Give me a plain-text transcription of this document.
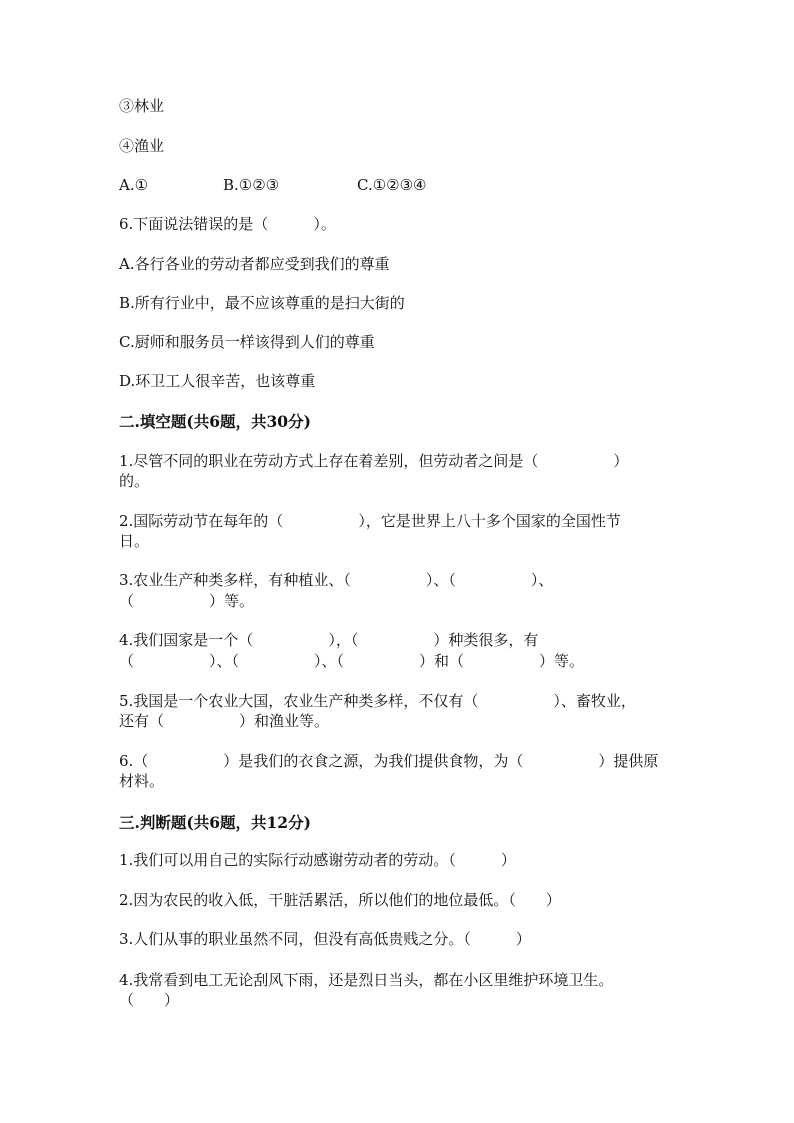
③林业
④渔业
A.①	B.①②③	C.①②③④
6.下面说法错误的是（　　　）。
A.各行各业的劳动者都应受到我们的尊重
B.所有行业中，最不应该尊重的是扫大街的
C.厨师和服务员一样该得到人们的尊重
D.环卫工人很辛苦，也该尊重
二.填空题(共6题，共30分)
1.尽管不同的职业在劳动方式上存在着差别，但劳动者之间是（　　　　　）
的。
2.国际劳动节在每年的（　　　　　），它是世界上八十多个国家的全国性节
日。
3.农业生产种类多样，有种植业、（　　　　　）、（　　　　　）、
（　　　　　）等。
4.我们国家是一个（　　　　　），（　　　　　）种类很多，有
（　　　　　）、（　　　　　）、（　　　　　）和（　　　　　）等。
5.我国是一个农业大国，农业生产种类多样，不仅有（　　　　　）、畜牧业，
还有（　　　　　）和渔业等。
6.（　　　　　）是我们的衣食之源，为我们提供食物，为（　　　　　）提供原
材料。
三.判断题(共6题，共12分)
1.我们可以用自己的实际行动感谢劳动者的劳动。（　　　）
2.因为农民的收入低，干脏活累活，所以他们的地位最低。（　　）
3.人们从事的职业虽然不同，但没有高低贵贱之分。（　　　）
4.我常看到电工无论刮风下雨，还是烈日当头，都在小区里维护环境卫生。
（　　）
